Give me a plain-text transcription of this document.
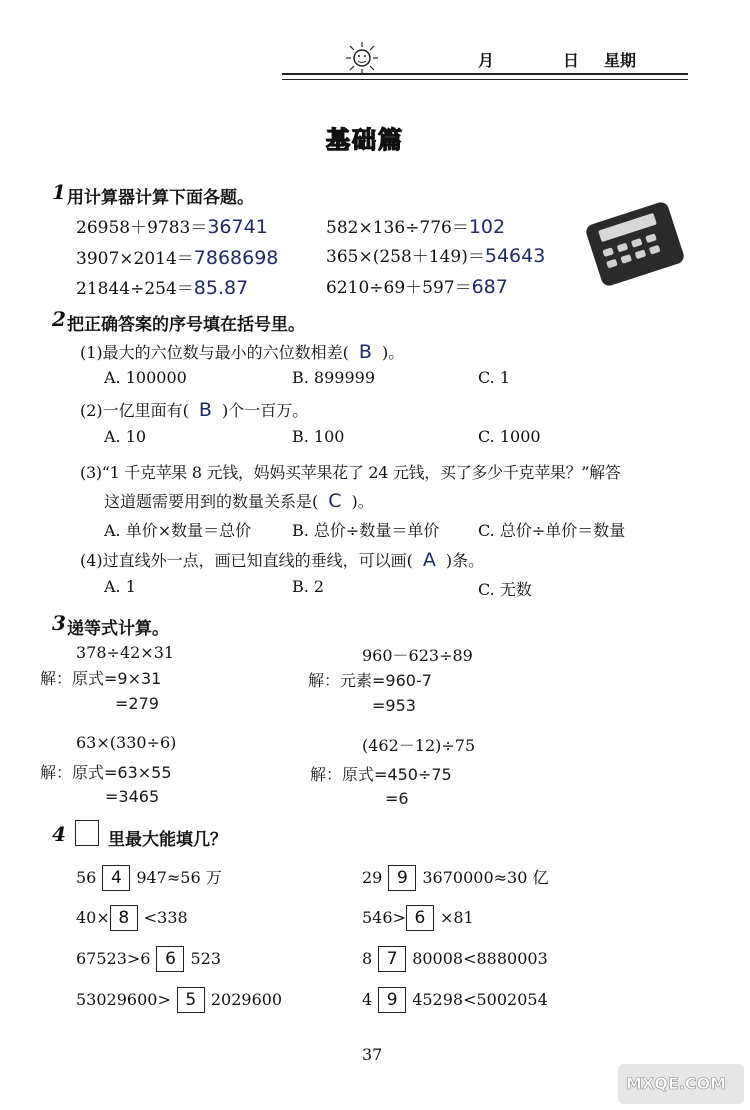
月	日 星期
基础篇
1 用计算器计算下面各题。
26958＋9783＝36741	582×136÷776＝102
3907×2014＝7868698	365×(258＋149)＝54643
21844÷254＝85.87	6210÷69＋597＝687
2 把正确答案的序号填在括号里。
(1)最大的六位数与最小的六位数相差( B )。
A. 100000	B. 899999	C. 1
(2)一亿里面有( B )个一百万。
A. 10	B. 100	C. 1000
(3)“1 千克苹果 8 元钱，妈妈买苹果花了 24 元钱，买了多少千克苹果？”解答
这道题需要用到的数量关系是( C )。
A. 单价×数量＝总价	B. 总价÷数量＝单价 C. 总价÷单价＝数量
(4)过直线外一点，画已知直线的垂线，可以画( A )条。
A. 1	B. 2	C. 无数

3 递等式计算。
378÷42×31
解：原式=9×31
=279
960－623÷89
解：元素=960-7
=953
63×(330÷6)
解：原式=63×55
=3465
(462－12)÷75
解：原式=450÷75
=6
4 里最大能填几？
56 4 947≈56 万	29 9 3670000≈30 亿
40× 8 <338	546> 6 ×81
67523>6 6 523	8 7 80008<8880003
53029600> 5 2029600	4 9 45298<5002054
37
MXQE.COM
